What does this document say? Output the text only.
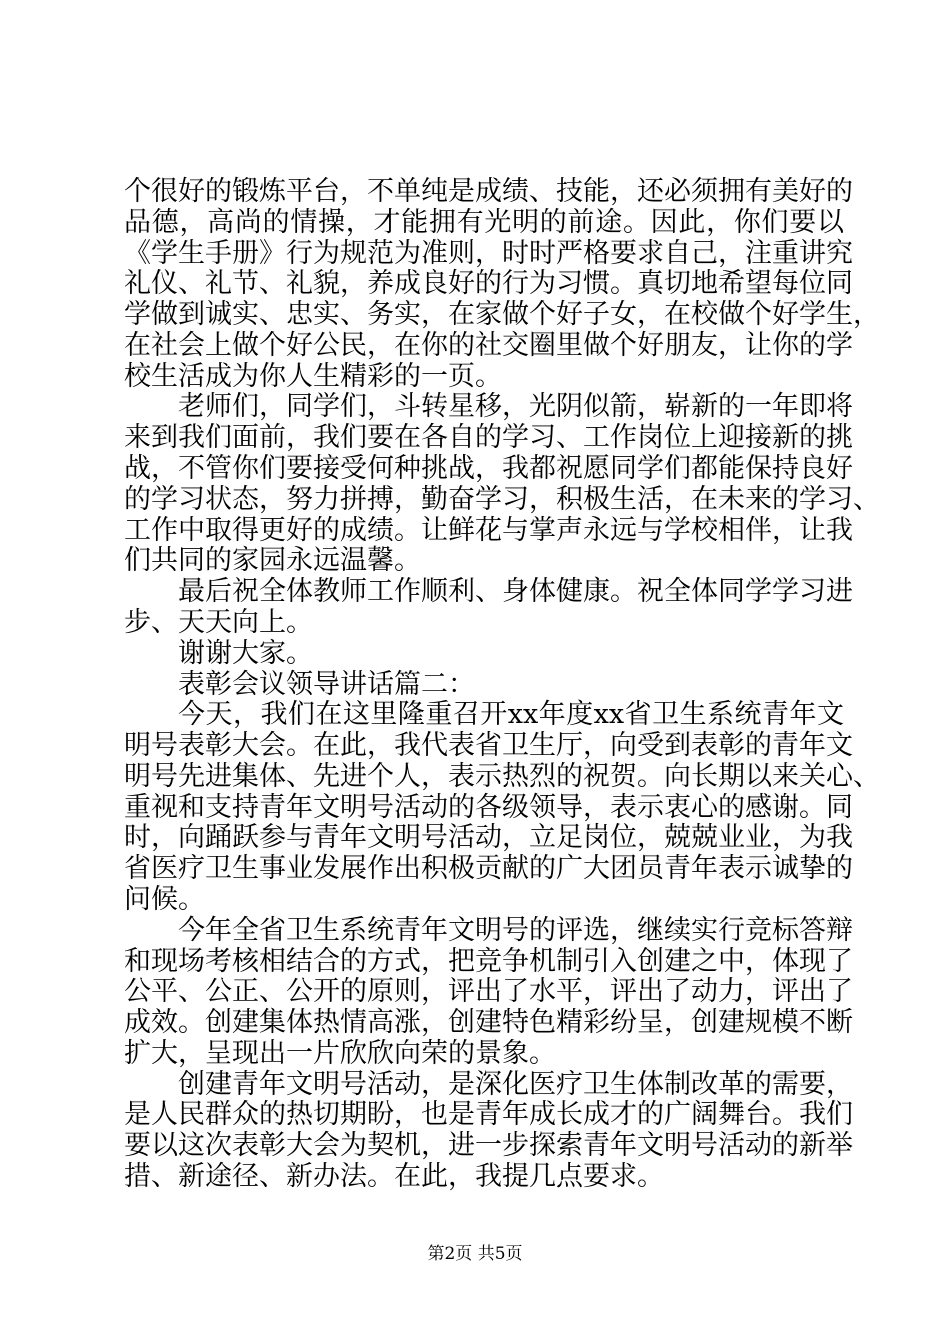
个很好的锻炼平台，不单纯是成绩、技能，还必须拥有美好的
品德，高尚的情操，才能拥有光明的前途。因此，你们要以
《学生手册》行为规范为准则，时时严格要求自己，注重讲究
礼仪、礼节、礼貌，养成良好的行为习惯。真切地希望每位同
学做到诚实、忠实、务实，在家做个好子女，在校做个好学生，
在社会上做个好公民，在你的社交圈里做个好朋友，让你的学
校生活成为你人生精彩的一页。
老师们，同学们，斗转星移，光阴似箭，崭新的一年即将
来到我们面前，我们要在各自的学习、工作岗位上迎接新的挑
战，不管你们要接受何种挑战，我都祝愿同学们都能保持良好
的学习状态，努力拼搏，勤奋学习，积极生活，在未来的学习、
工作中取得更好的成绩。让鲜花与掌声永远与学校相伴，让我
们共同的家园永远温馨。
最后祝全体教师工作顺利、身体健康。祝全体同学学习进
步、天天向上。
谢谢大家。
表彰会议领导讲话篇二：
今天，我们在这里隆重召开xx年度xx省卫生系统青年文
明号表彰大会。在此，我代表省卫生厅，向受到表彰的青年文
明号先进集体、先进个人，表示热烈的祝贺。向长期以来关心、
重视和支持青年文明号活动的各级领导，表示衷心的感谢。同
时，向踊跃参与青年文明号活动，立足岗位，兢兢业业，为我
省医疗卫生事业发展作出积极贡献的广大团员青年表示诚挚的
问候。
今年全省卫生系统青年文明号的评选，继续实行竞标答辩
和现场考核相结合的方式，把竞争机制引入创建之中，体现了
公平、公正、公开的原则，评出了水平，评出了动力，评出了
成效。创建集体热情高涨，创建特色精彩纷呈，创建规模不断
扩大，呈现出一片欣欣向荣的景象。
创建青年文明号活动，是深化医疗卫生体制改革的需要，
是人民群众的热切期盼，也是青年成长成才的广阔舞台。我们
要以这次表彰大会为契机，进一步探索青年文明号活动的新举
措、新途径、新办法。在此，我提几点要求。
第2页 共5页
